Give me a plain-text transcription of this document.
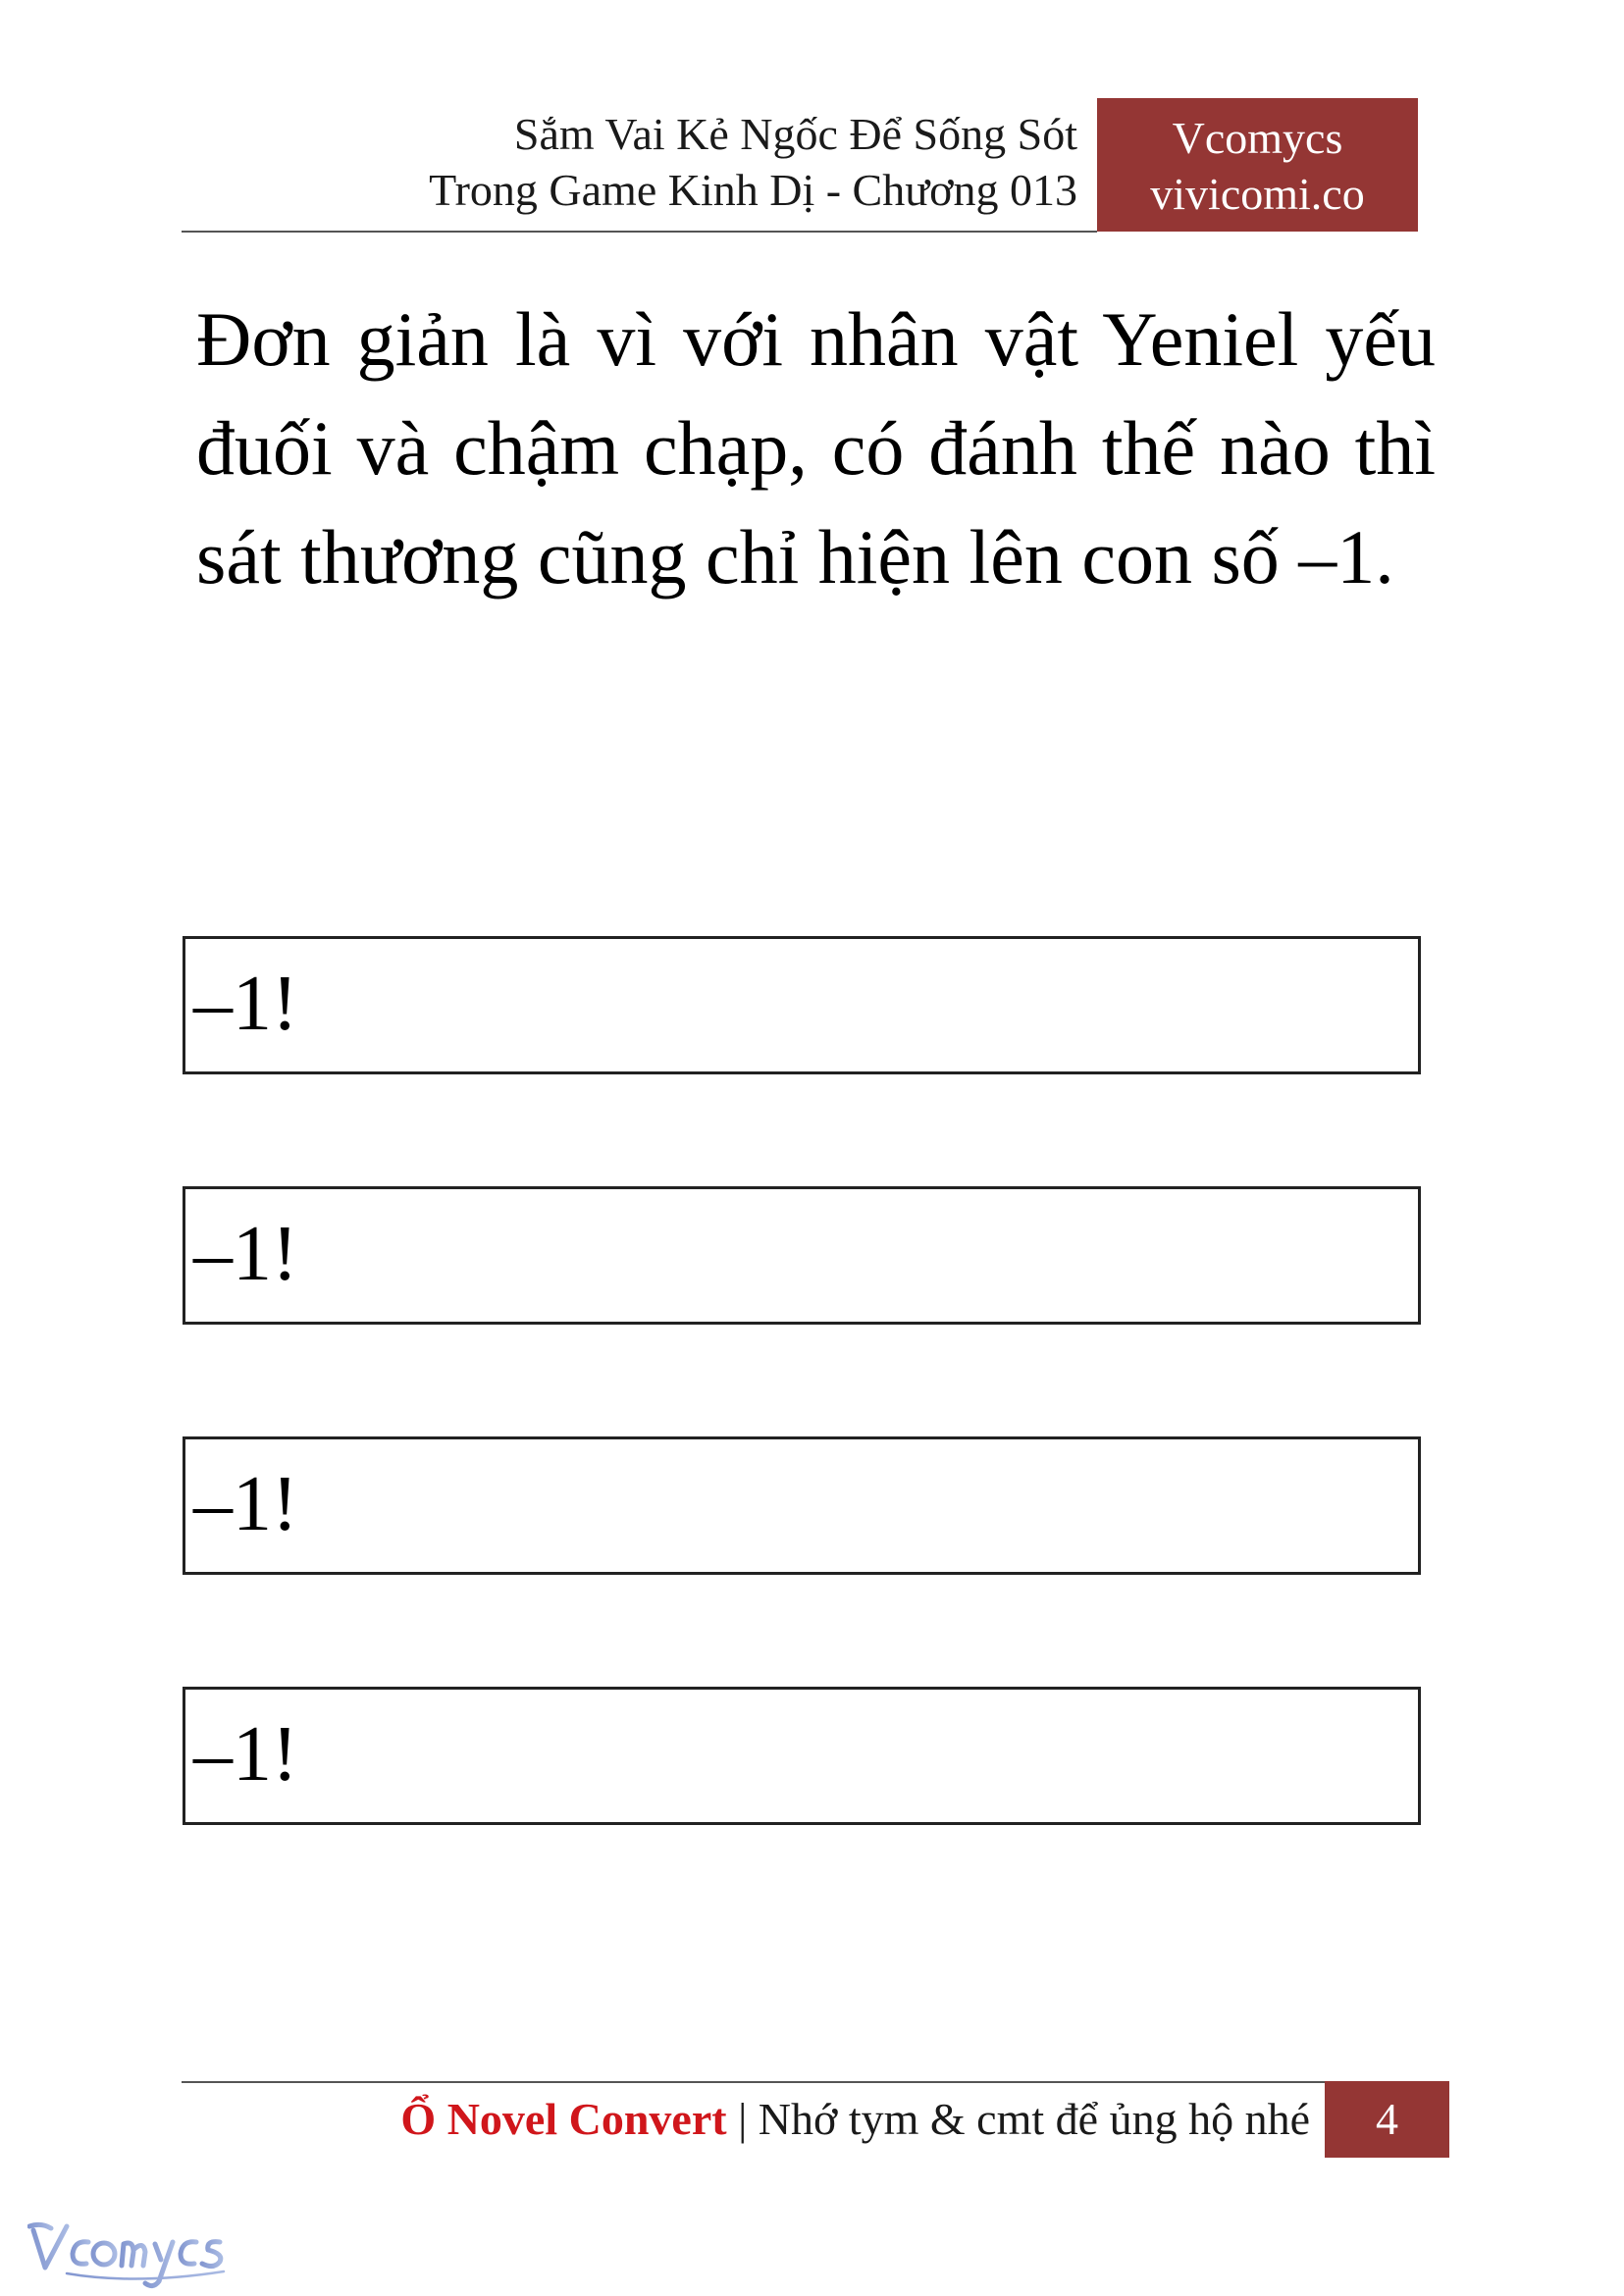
Sắm Vai Kẻ Ngốc Để Sống Sót
Trong Game Kinh Dị - Chương 013
Vcomycs
vivicomi.co
Đơn giản là vì với nhân vật Yeniel yếu đuối và chậm chạp, có đánh thế nào thì sát thương cũng chỉ hiện lên con số –1.
–1!
–1!
–1!
–1!
Ổ Novel Convert | Nhớ tym & cmt để ủng hộ nhé	4
